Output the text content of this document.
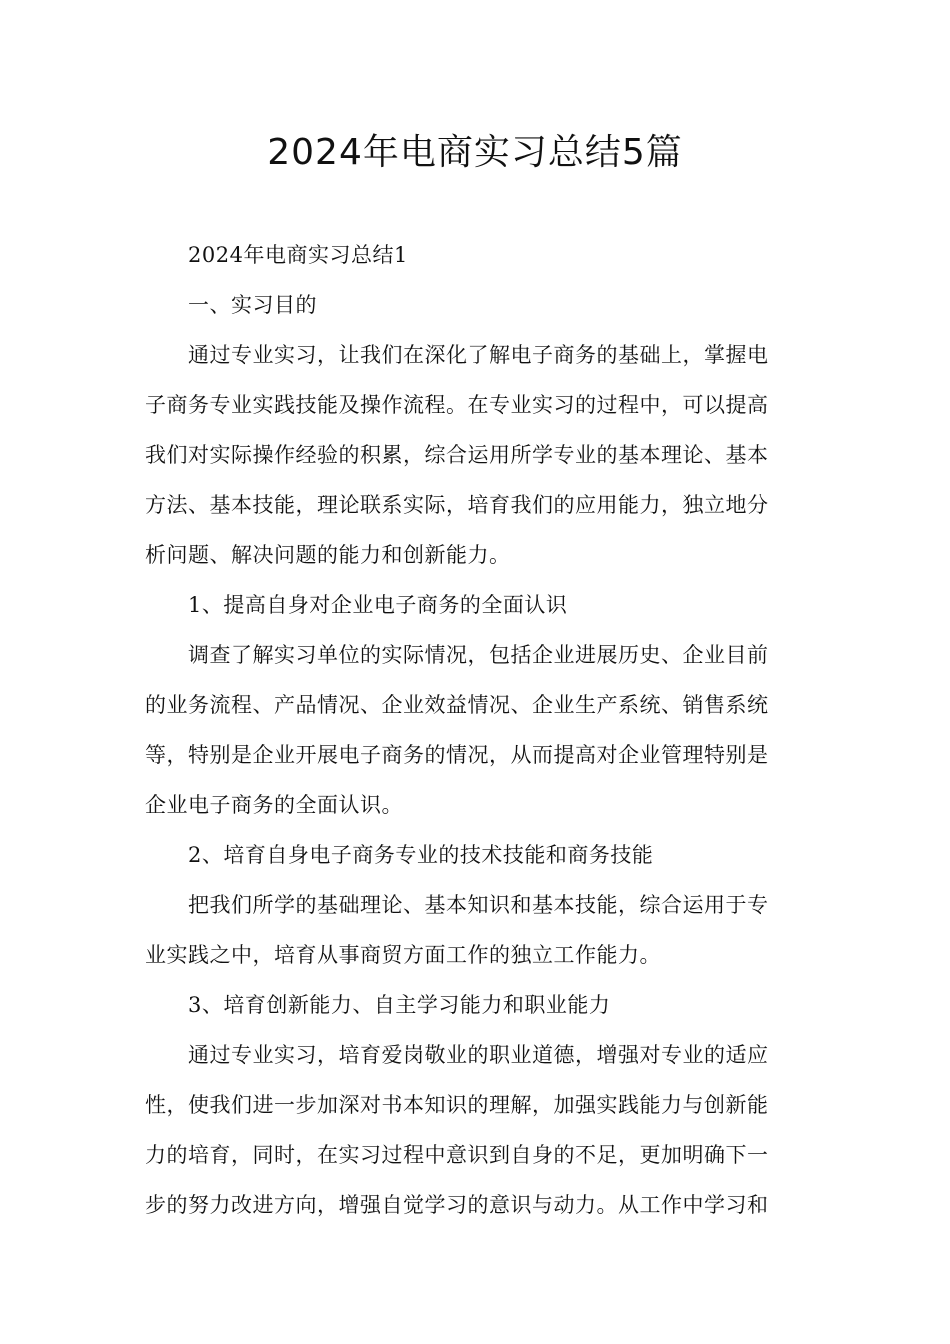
2024年电商实习总结5篇
2024年电商实习总结1
一、实习目的
通过专业实习，让我们在深化了解电子商务的基础上，掌握电
子商务专业实践技能及操作流程。在专业实习的过程中，可以提高
我们对实际操作经验的积累，综合运用所学专业的基本理论、基本
方法、基本技能，理论联系实际，培育我们的应用能力，独立地分
析问题、解决问题的能力和创新能力。
1、提高自身对企业电子商务的全面认识
调查了解实习单位的实际情况，包括企业进展历史、企业目前
的业务流程、产品情况、企业效益情况、企业生产系统、销售系统
等，特别是企业开展电子商务的情况，从而提高对企业管理特别是
企业电子商务的全面认识。
2、培育自身电子商务专业的技术技能和商务技能
把我们所学的基础理论、基本知识和基本技能，综合运用于专
业实践之中，培育从事商贸方面工作的独立工作能力。
3、培育创新能力、自主学习能力和职业能力
通过专业实习，培育爱岗敬业的职业道德，增强对专业的适应
性，使我们进一步加深对书本知识的理解，加强实践能力与创新能
力的培育，同时，在实习过程中意识到自身的不足，更加明确下一
步的努力改进方向，增强自觉学习的意识与动力。从工作中学习和
